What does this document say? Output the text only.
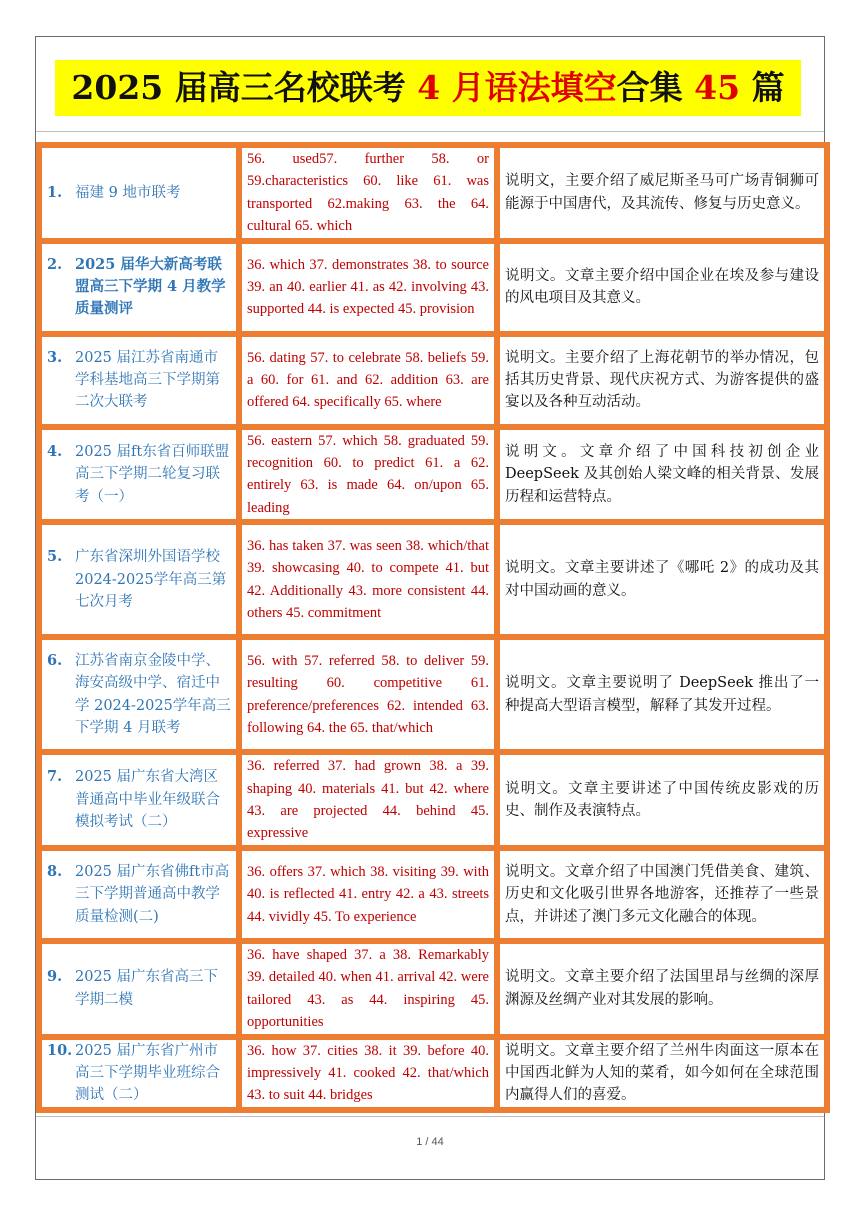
2025 届高三名校联考 4 月语法填空合集 45 篇
1. 福建 9 地市联考	56. used57. further 58. or 59.characteristics 60. like 61. was transported 62.making 63. the 64. cultural 65. which	说明文，主要介绍了威尼斯圣马可广场青铜狮可能源于中国唐代，及其流传、修复与历史意义。

2. 2025 届华大新高考联盟高三下学期 4 月教学质量测评	36. which 37. demonstrates 38. to source 39. an 40. earlier 41. as 42. involving 43. supported 44. is expected 45. provision	说明文。文章主要介绍中国企业在埃及参与建设的风电项目及其意义。

3. 2025 届江苏省南通市学科基地高三下学期第二次大联考	56. dating 57. to celebrate 58. beliefs 59. a 60. for 61. and 62. addition 63. are offered 64. specifically 65. where	说明文。主要介绍了上海花朝节的举办情况，包括其历史背景、现代庆祝方式、为游客提供的盛宴以及各种互动活动。

4. 2025 届ft东省百师联盟高三下学期二轮复习联考（一）	56. eastern 57. which 58. graduated 59. recognition 60. to predict 61. a 62. entirely 63. is made 64. on/upon 65. leading	说明文。文章介绍了中国科技初创企业DeepSeek 及其创始人梁文峰的相关背景、发展历程和运营特点。

5. 广东省深圳外国语学校2024-2025学年高三第七次月考	36. has taken 37. was seen 38. which/that 39. showcasing 40. to compete 41. but 42. Additionally 43. more consistent 44. others 45. commitment	说明文。文章主要讲述了《哪吒 2》的成功及其对中国动画的意义。

6. 江苏省南京金陵中学、海安高级中学、宿迁中学 2024-2025学年高三下学期 4 月联考	56. with 57. referred 58. to deliver 59. resulting 60. competitive 61. preference/preferences 62. intended 63. following 64. the 65. that/which	说明文。文章主要说明了 DeepSeek 推出了一种提高大型语言模型，解释了其发开过程。

7. 2025 届广东省大湾区普通高中毕业年级联合模拟考试（二）	36. referred 37. had grown 38. a 39. shaping 40. materials 41. but 42. where 43. are projected 44. behind 45. expressive	说明文。文章主要讲述了中国传统皮影戏的历史、制作及表演特点。

8. 2025 届广东省佛ft市高三下学期普通高中教学质量检测(二)	36. offers 37. which 38. visiting 39. with 40. is reflected 41. entry 42. a 43. streets 44. vividly 45. To experience	说明文。文章介绍了中国澳门凭借美食、建筑、历史和文化吸引世界各地游客，还推荐了一些景点，并讲述了澳门多元文化融合的体现。

9. 2025 届广东省高三下学期二模	36. have shaped 37. a 38. Remarkably 39. detailed 40. when 41. arrival 42. were tailored 43. as 44. inspiring 45. opportunities	说明文。文章主要介绍了法国里昂与丝绸的深厚渊源及丝绸产业对其发展的影响。

10. 2025 届广东省广州市高三下学期毕业班综合测试（二）	36. how 37. cities 38. it 39. before 40. impressively 41. cooked 42. that/which 43. to suit 44. bridges	说明文。文章主要介绍了兰州牛肉面这一原本在中国西北鲜为人知的菜肴，如今如何在全球范围内赢得人们的喜爱。
1 / 44
